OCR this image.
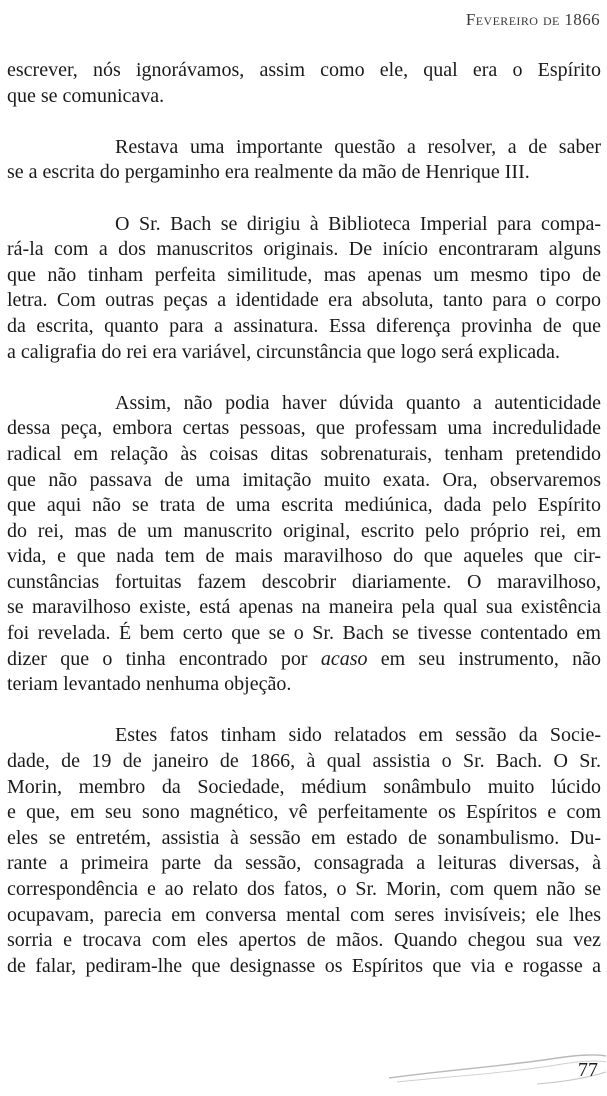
Fevereiro de 1866
escrever, nós ignorávamos, assim como ele, qual era o Espírito
que se comunicava.
Restava uma importante questão a resolver, a de saber
se a escrita do pergaminho era realmente da mão de Henrique III.
O Sr. Bach se dirigiu à Biblioteca Imperial para compa-
rá-la com a dos manuscritos originais. De início encontraram alguns
que não tinham perfeita similitude, mas apenas um mesmo tipo de
letra. Com outras peças a identidade era absoluta, tanto para o corpo
da escrita, quanto para a assinatura. Essa diferença provinha de que
a caligrafia do rei era variável, circunstância que logo será explicada.
Assim, não podia haver dúvida quanto a autenticidade
dessa peça, embora certas pessoas, que professam uma incredulidade
radical em relação às coisas ditas sobrenaturais, tenham pretendido
que não passava de uma imitação muito exata. Ora, observaremos
que aqui não se trata de uma escrita mediúnica, dada pelo Espírito
do rei, mas de um manuscrito original, escrito pelo próprio rei, em
vida, e que nada tem de mais maravilhoso do que aqueles que cir-
cunstâncias fortuitas fazem descobrir diariamente. O maravilhoso,
se maravilhoso existe, está apenas na maneira pela qual sua existência
foi revelada. É bem certo que se o Sr. Bach se tivesse contentado em
dizer que o tinha encontrado por acaso em seu instrumento, não
teriam levantado nenhuma objeção.
Estes fatos tinham sido relatados em sessão da Socie-
dade, de 19 de janeiro de 1866, à qual assistia o Sr. Bach. O Sr.
Morin, membro da Sociedade, médium sonâmbulo muito lúcido
e que, em seu sono magnético, vê perfeitamente os Espíritos e com
eles se entretém, assistia à sessão em estado de sonambulismo. Du-
rante a primeira parte da sessão, consagrada a leituras diversas, à
correspondência e ao relato dos fatos, o Sr. Morin, com quem não se
ocupavam, parecia em conversa mental com seres invisíveis; ele lhes
sorria e trocava com eles apertos de mãos. Quando chegou sua vez
de falar, pediram-lhe que designasse os Espíritos que via e rogasse a
77
